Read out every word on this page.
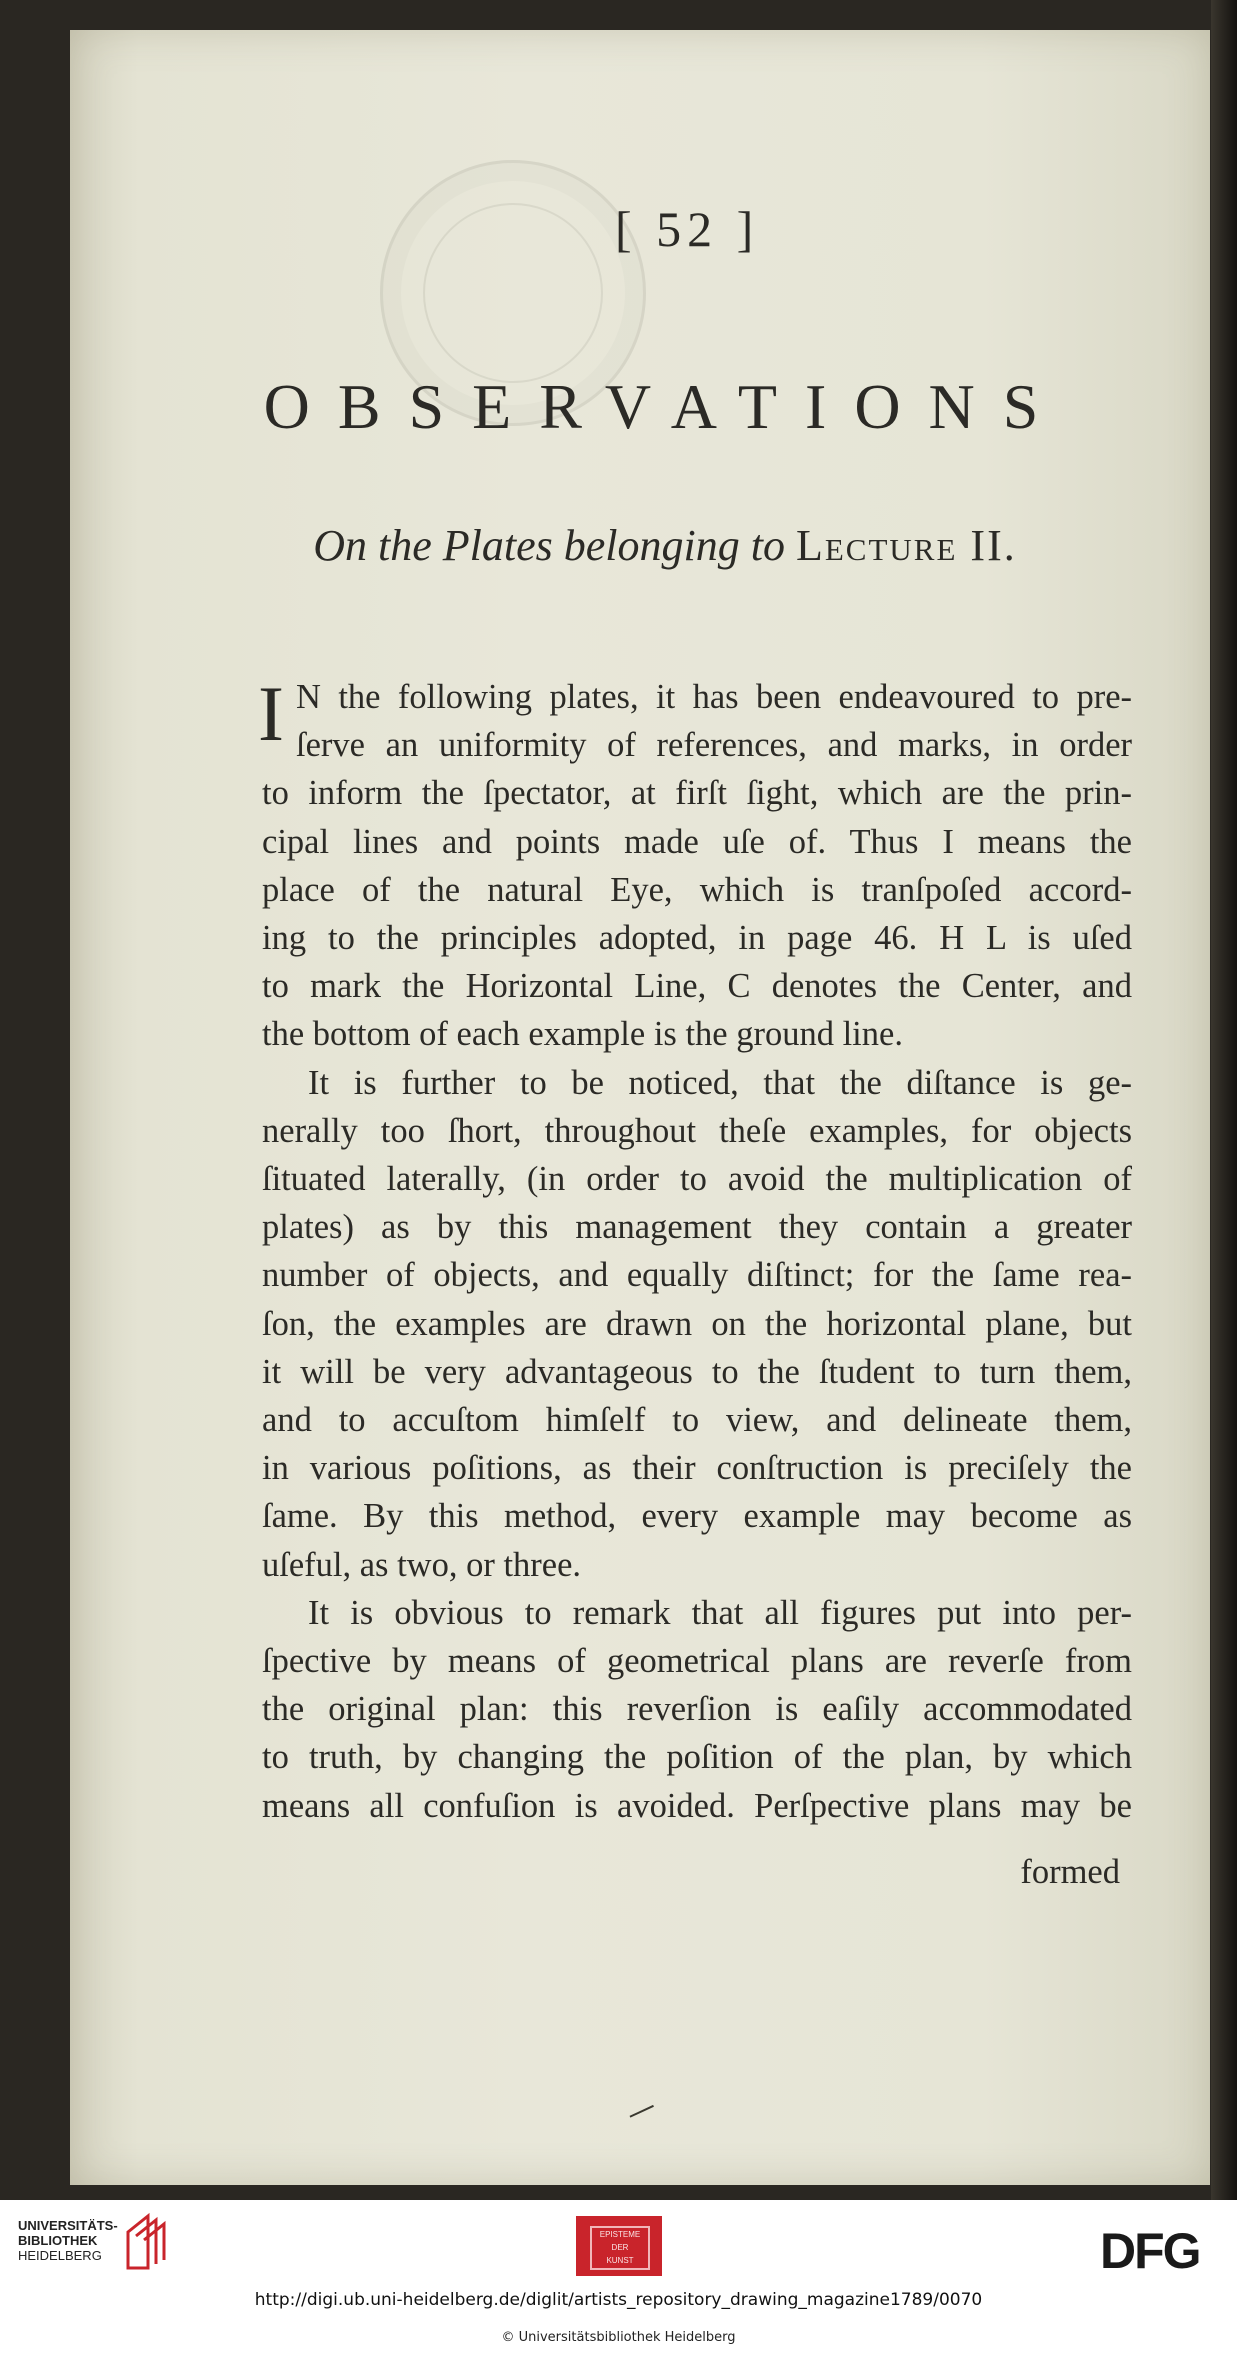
[ 52 ]
OBSERVATIONS
On the Plates belonging to Lecture II.
I N the following plates, it has been endeavoured to pre-
ſerve an uniformity of references, and marks, in order
to inform the ſpectator, at firſt ſight, which are the prin-
cipal lines and points made uſe of. Thus I means the
place of the natural Eye, which is tranſpoſed accord-
ing to the principles adopted, in page 46. H L is uſed
to mark the Horizontal Line, C denotes the Center, and
the bottom of each example is the ground line.

It is further to be noticed, that the diſtance is ge-
nerally too ſhort, throughout theſe examples, for objects
ſituated laterally, (in order to avoid the multiplication of
plates) as by this management they contain a greater
number of objects, and equally diſtinct; for the ſame rea-
ſon, the examples are drawn on the horizontal plane, but
it will be very advantageous to the ſtudent to turn them,
and to accuſtom himſelf to view, and delineate them,
in various poſitions, as their conſtruction is preciſely the
ſame. By this method, every example may become as
uſeful, as two, or three.

It is obvious to remark that all figures put into per-
ſpective by means of geometrical plans are reverſe from
the original plan: this reverſion is eaſily accommodated
to truth, by changing the poſition of the plan, by which
means all confuſion is avoided. Perſpective plans may be

formed
UNIVERSITÄTS-
BIBLIOTHEK
HEIDELBERG
EPISTEME DER
KUNST	DFG
http://digi.ub.uni-heidelberg.de/diglit/artists_repository_drawing_magazine1789/0070
© Universitätsbibliothek Heidelberg
